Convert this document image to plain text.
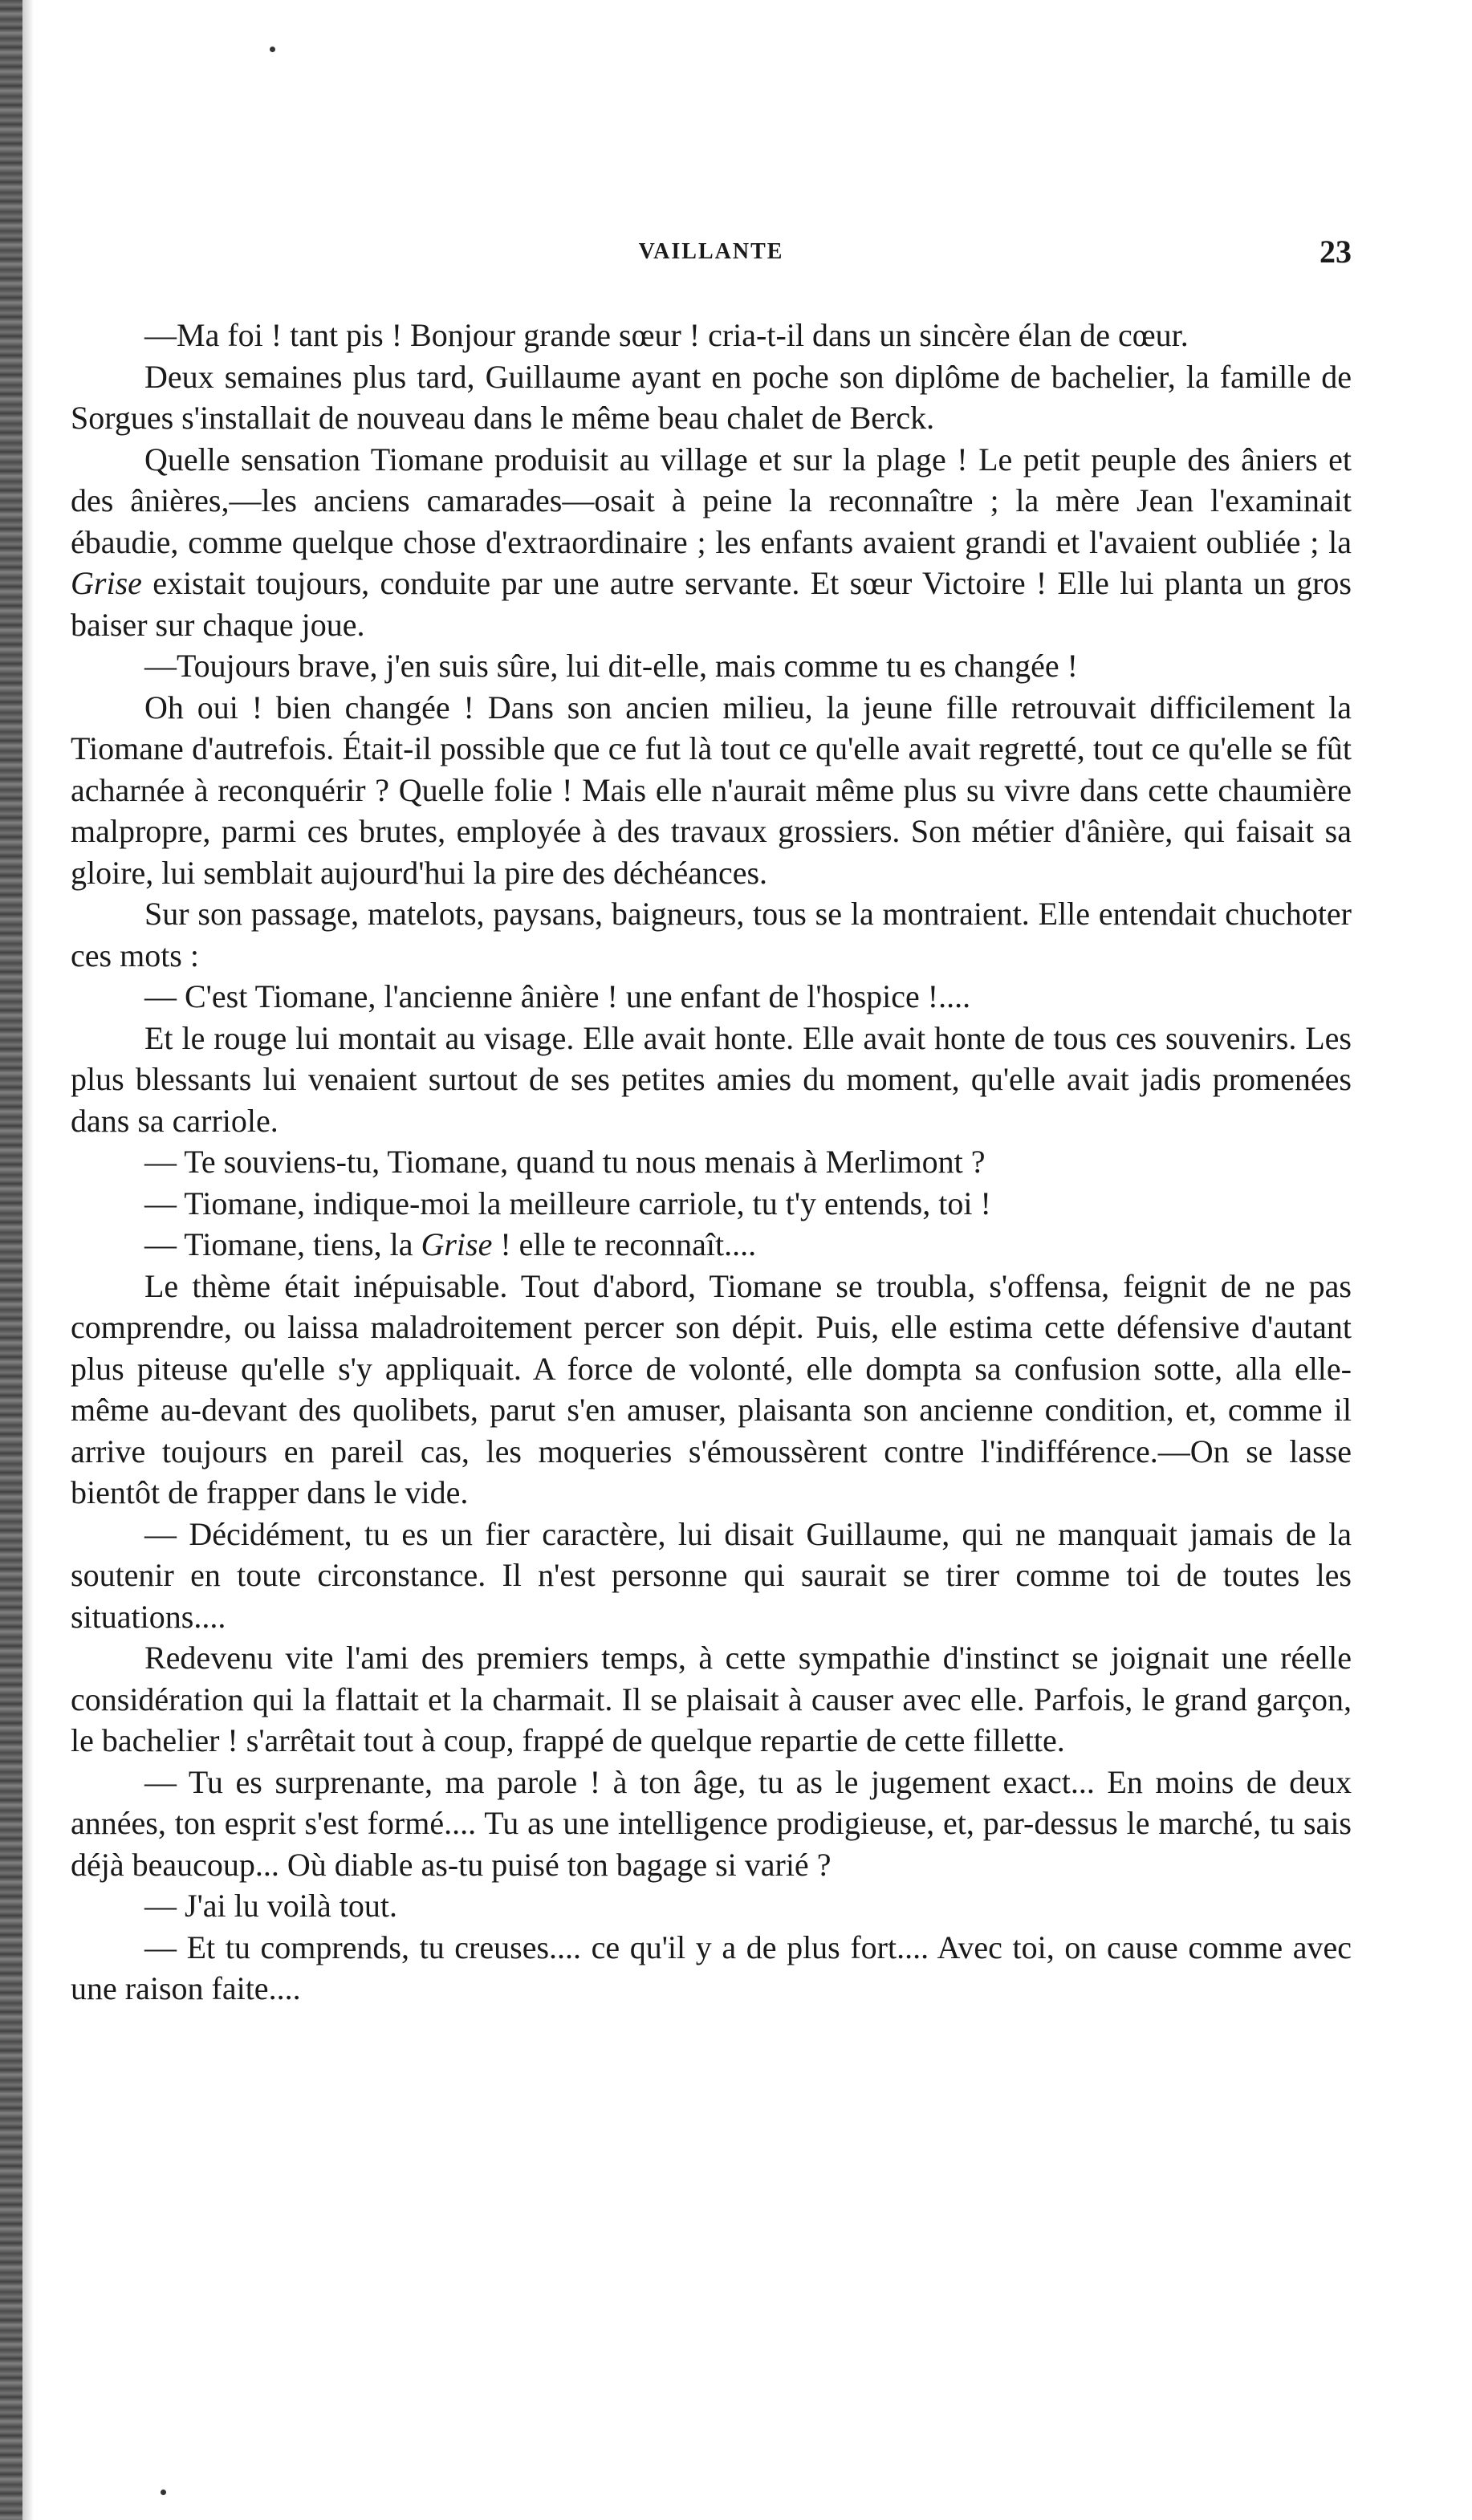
VAILLANTE	23

—Ma foi ! tant pis ! Bonjour grande sœur ! cria-t-il dans un sincère élan de cœur.

Deux semaines plus tard, Guillaume ayant en poche son diplôme de bachelier, la famille de Sorgues s'installait de nouveau dans le même beau chalet de Berck.

Quelle sensation Tiomane produisit au village et sur la plage ! Le petit peuple des âniers et des ânières,—les anciens camarades—osait à peine la reconnaître ; la mère Jean l'examinait ébaudie, comme quelque chose d'extraordinaire ; les enfants avaient grandi et l'avaient oubliée ; la Grise existait toujours, conduite par une autre servante. Et sœur Victoire ! Elle lui planta un gros baiser sur chaque joue.

—Toujours brave, j'en suis sûre, lui dit-elle, mais comme tu es changée !

Oh oui ! bien changée ! Dans son ancien milieu, la jeune fille retrouvait difficilement la Tiomane d'autrefois. Était-il possible que ce fut là tout ce qu'elle avait regretté, tout ce qu'elle se fût acharnée à reconquérir ? Quelle folie ! Mais elle n'aurait même plus su vivre dans cette chaumière malpropre, parmi ces brutes, employée à des travaux grossiers. Son métier d'ânière, qui faisait sa gloire, lui semblait aujourd'hui la pire des déchéances.

Sur son passage, matelots, paysans, baigneurs, tous se la montraient. Elle entendait chuchoter ces mots :

— C'est Tiomane, l'ancienne ânière ! une enfant de l'hospice !....

Et le rouge lui montait au visage. Elle avait honte. Elle avait honte de tous ces souvenirs. Les plus blessants lui venaient surtout de ses petites amies du moment, qu'elle avait jadis promenées dans sa carriole.

— Te souviens-tu, Tiomane, quand tu nous menais à Merlimont ?

— Tiomane, indique-moi la meilleure carriole, tu t'y entends, toi !

— Tiomane, tiens, la Grise ! elle te reconnaît....

Le thème était inépuisable. Tout d'abord, Tiomane se troubla, s'offensa, feignit de ne pas comprendre, ou laissa maladroitement percer son dépit. Puis, elle estima cette défensive d'autant plus piteuse qu'elle s'y appliquait. A force de volonté, elle dompta sa confusion sotte, alla elle-même au-devant des quolibets, parut s'en amuser, plaisanta son ancienne condition, et, comme il arrive toujours en pareil cas, les moqueries s'émoussèrent contre l'indifférence.—On se lasse bientôt de frapper dans le vide.

— Décidément, tu es un fier caractère, lui disait Guillaume, qui ne manquait jamais de la soutenir en toute circonstance. Il n'est personne qui saurait se tirer comme toi de toutes les situations....

Redevenu vite l'ami des premiers temps, à cette sympathie d'instinct se joignait une réelle considération qui la flattait et la charmait. Il se plaisait à causer avec elle. Parfois, le grand garçon, le bachelier ! s'arrêtait tout à coup, frappé de quelque repartie de cette fillette.

— Tu es surprenante, ma parole ! à ton âge, tu as le jugement exact... En moins de deux années, ton esprit s'est formé.... Tu as une intelligence prodigieuse, et, par-dessus le marché, tu sais déjà beaucoup... Où diable as-tu puisé ton bagage si varié ?

— J'ai lu voilà tout.

— Et tu comprends, tu creuses.... ce qu'il y a de plus fort.... Avec toi, on cause comme avec une raison faite....
